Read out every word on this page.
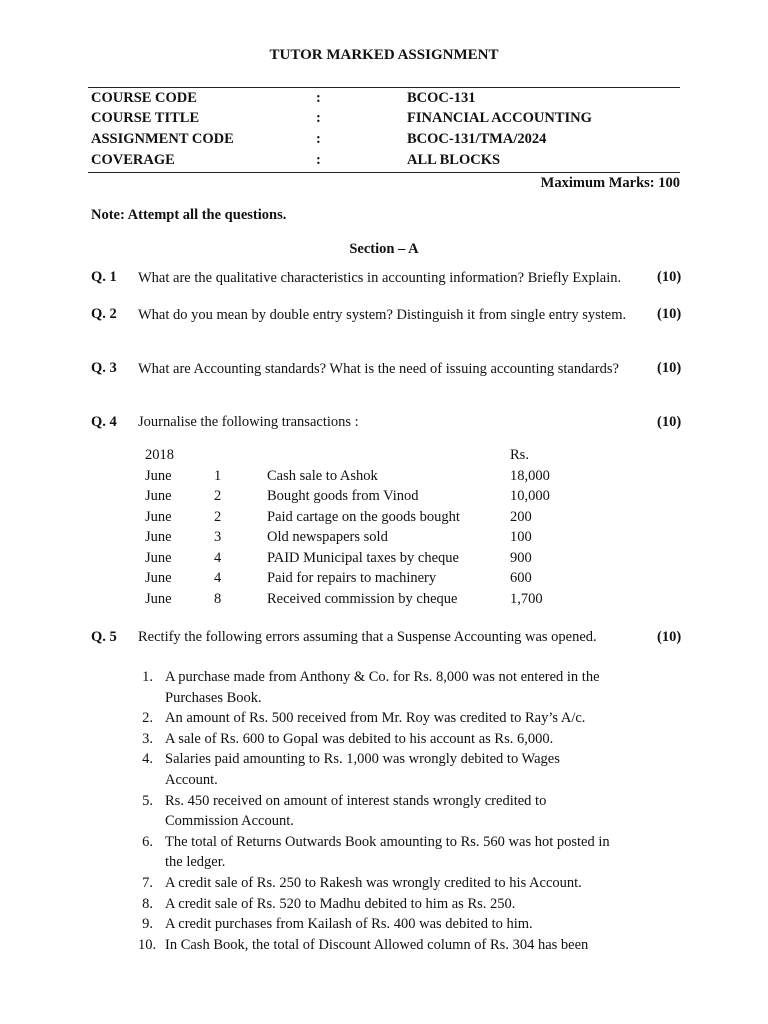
TUTOR MARKED ASSIGNMENT
COURSE CODE	:	BCOC-131
COURSE TITLE	:	FINANCIAL ACCOUNTING
ASSIGNMENT CODE	:	BCOC-131/TMA/2024
COVERAGE	:	ALL BLOCKS
Maximum Marks: 100
Note: Attempt all the questions.
Section – A
Q. 1 What are the qualitative characteristics in accounting information? Briefly Explain.	(10)
Q. 2 What do you mean by double entry system? Distinguish it from single entry system.	(10)
Q. 3 What are Accounting standards? What is the need of issuing accounting standards?	(10)
Q. 4 Journalise the following transactions :	(10)
2018	Rs.
June	1	Cash sale to Ashok	18,000
June	2	Bought goods from Vinod	10,000
June	2	Paid cartage on the goods bought	200
June	3	Old newspapers sold	100
June	4	PAID Municipal taxes by cheque	900
June	4	Paid for repairs to machinery	600
June	8	Received commission by cheque	1,700
Q. 5 Rectify the following errors assuming that a Suspense Accounting was opened.	(10)
1. A purchase made from Anthony & Co. for Rs. 8,000 was not entered in the
Purchases Book.
2. An amount of Rs. 500 received from Mr. Roy was credited to Ray’s A/c.
3. A sale of Rs. 600 to Gopal was debited to his account as Rs. 6,000.
4. Salaries paid amounting to Rs. 1,000 was wrongly debited to Wages
Account.
5. Rs. 450 received on amount of interest stands wrongly credited to
Commission Account.
6. The total of Returns Outwards Book amounting to Rs. 560 was hot posted in
the ledger.
7. A credit sale of Rs. 250 to Rakesh was wrongly credited to his Account.
8. A credit sale of Rs. 520 to Madhu debited to him as Rs. 250.
9. A credit purchases from Kailash of Rs. 400 was debited to him.
10. In Cash Book, the total of Discount Allowed column of Rs. 304 has been
